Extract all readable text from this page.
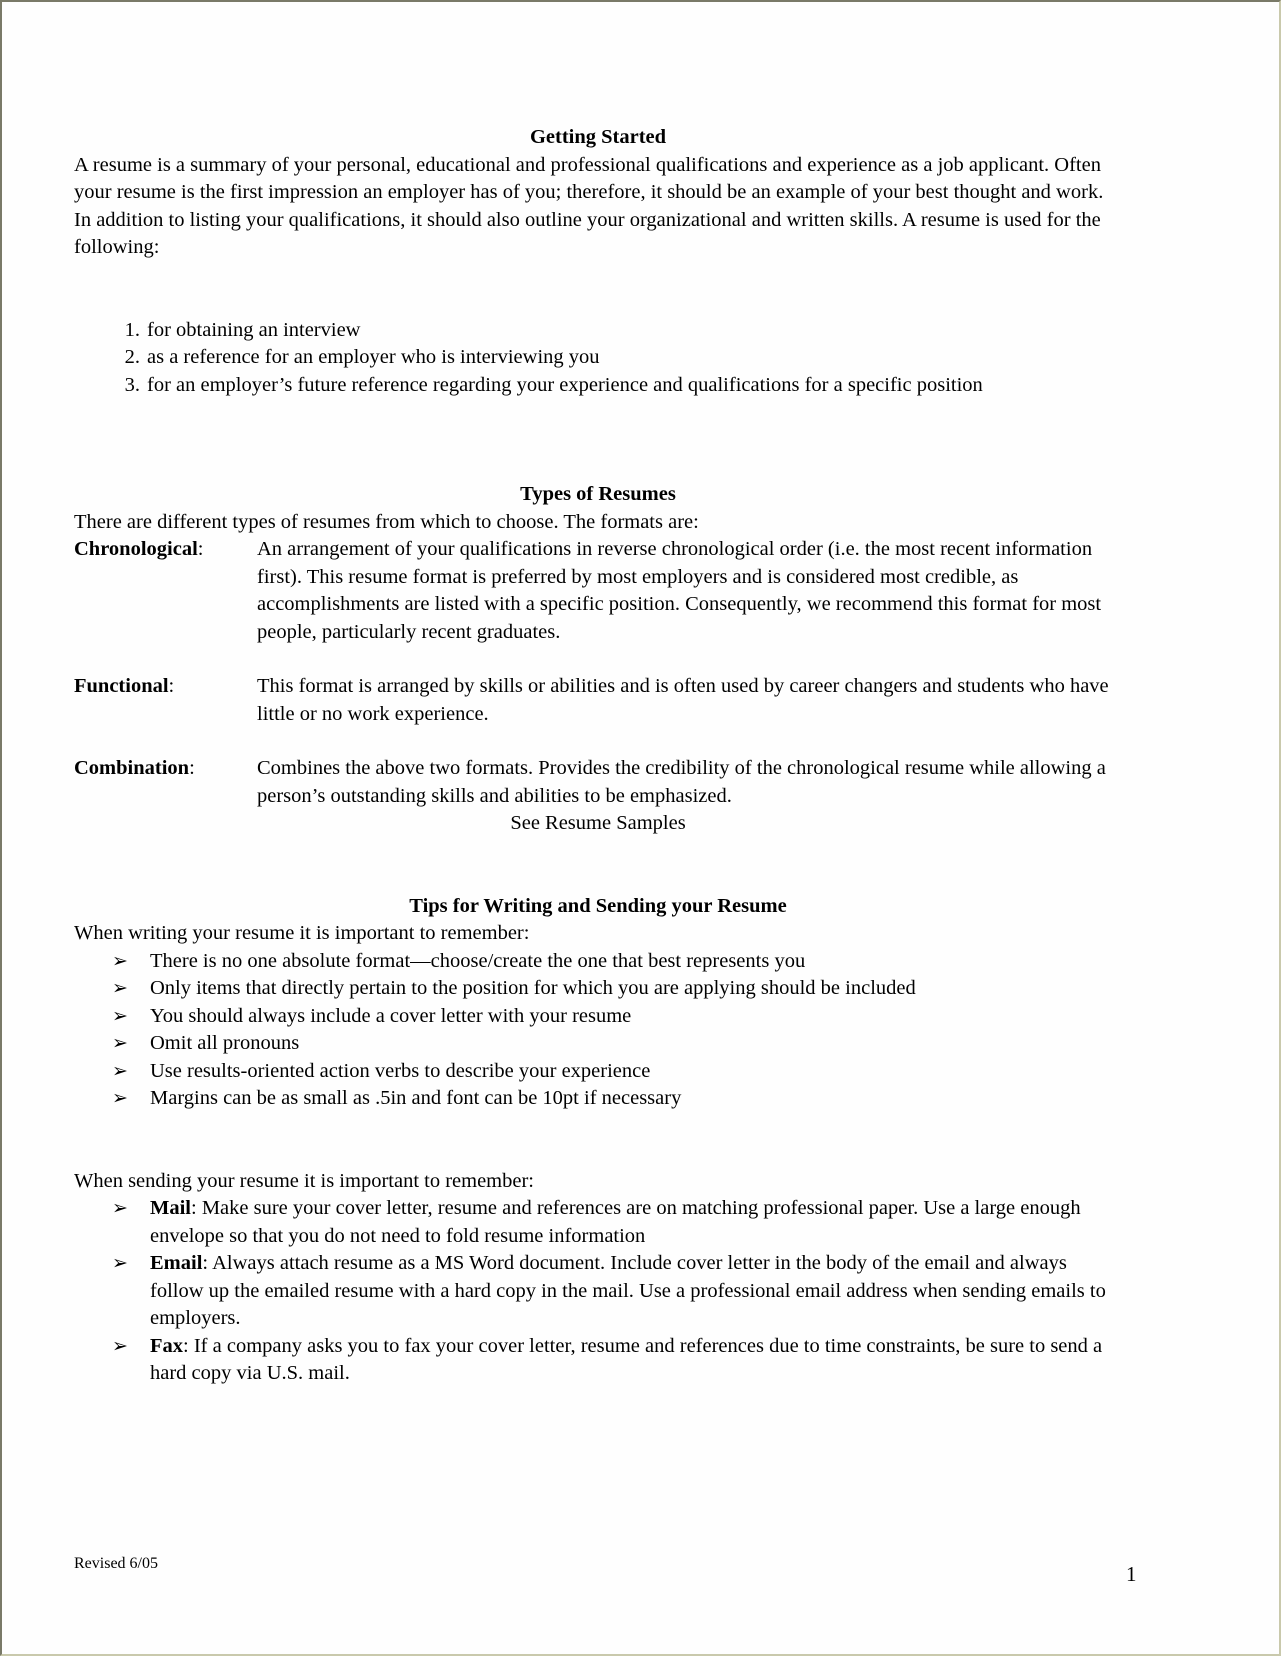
Getting Started
A resume is a summary of your personal, educational and professional qualifications and experience as a job applicant. Often your resume is the first impression an employer has of you; therefore, it should be an example of your best thought and work. In addition to listing your qualifications, it should also outline your organizational and written skills. A resume is used for the following:
1. for obtaining an interview
2. as a reference for an employer who is interviewing you
3. for an employer’s future reference regarding your experience and qualifications for a specific position
Types of Resumes
There are different types of resumes from which to choose. The formats are:
Chronological:	An arrangement of your qualifications in reverse chronological order (i.e. the most recent information first). This resume format is preferred by most employers and is considered most credible, as accomplishments are listed with a specific position. Consequently, we recommend this format for most people, particularly recent graduates.
Functional:	This format is arranged by skills or abilities and is often used by career changers and students who have little or no work experience.
Combination:	Combines the above two formats. Provides the credibility of the chronological resume while allowing a person’s outstanding skills and abilities to be emphasized.
See Resume Samples
Tips for Writing and Sending your Resume
When writing your resume it is important to remember:
➢ There is no one absolute format—choose/create the one that best represents you
➢ Only items that directly pertain to the position for which you are applying should be included
➢ You should always include a cover letter with your resume
➢ Omit all pronouns
➢ Use results-oriented action verbs to describe your experience
➢ Margins can be as small as .5in and font can be 10pt if necessary
When sending your resume it is important to remember:
➢ Mail: Make sure your cover letter, resume and references are on matching professional paper. Use a large enough envelope so that you do not need to fold resume information
➢ Email: Always attach resume as a MS Word document. Include cover letter in the body of the email and always follow up the emailed resume with a hard copy in the mail. Use a professional email address when sending emails to employers.
➢ Fax: If a company asks you to fax your cover letter, resume and references due to time constraints, be sure to send a hard copy via U.S. mail.
Revised 6/05	1
